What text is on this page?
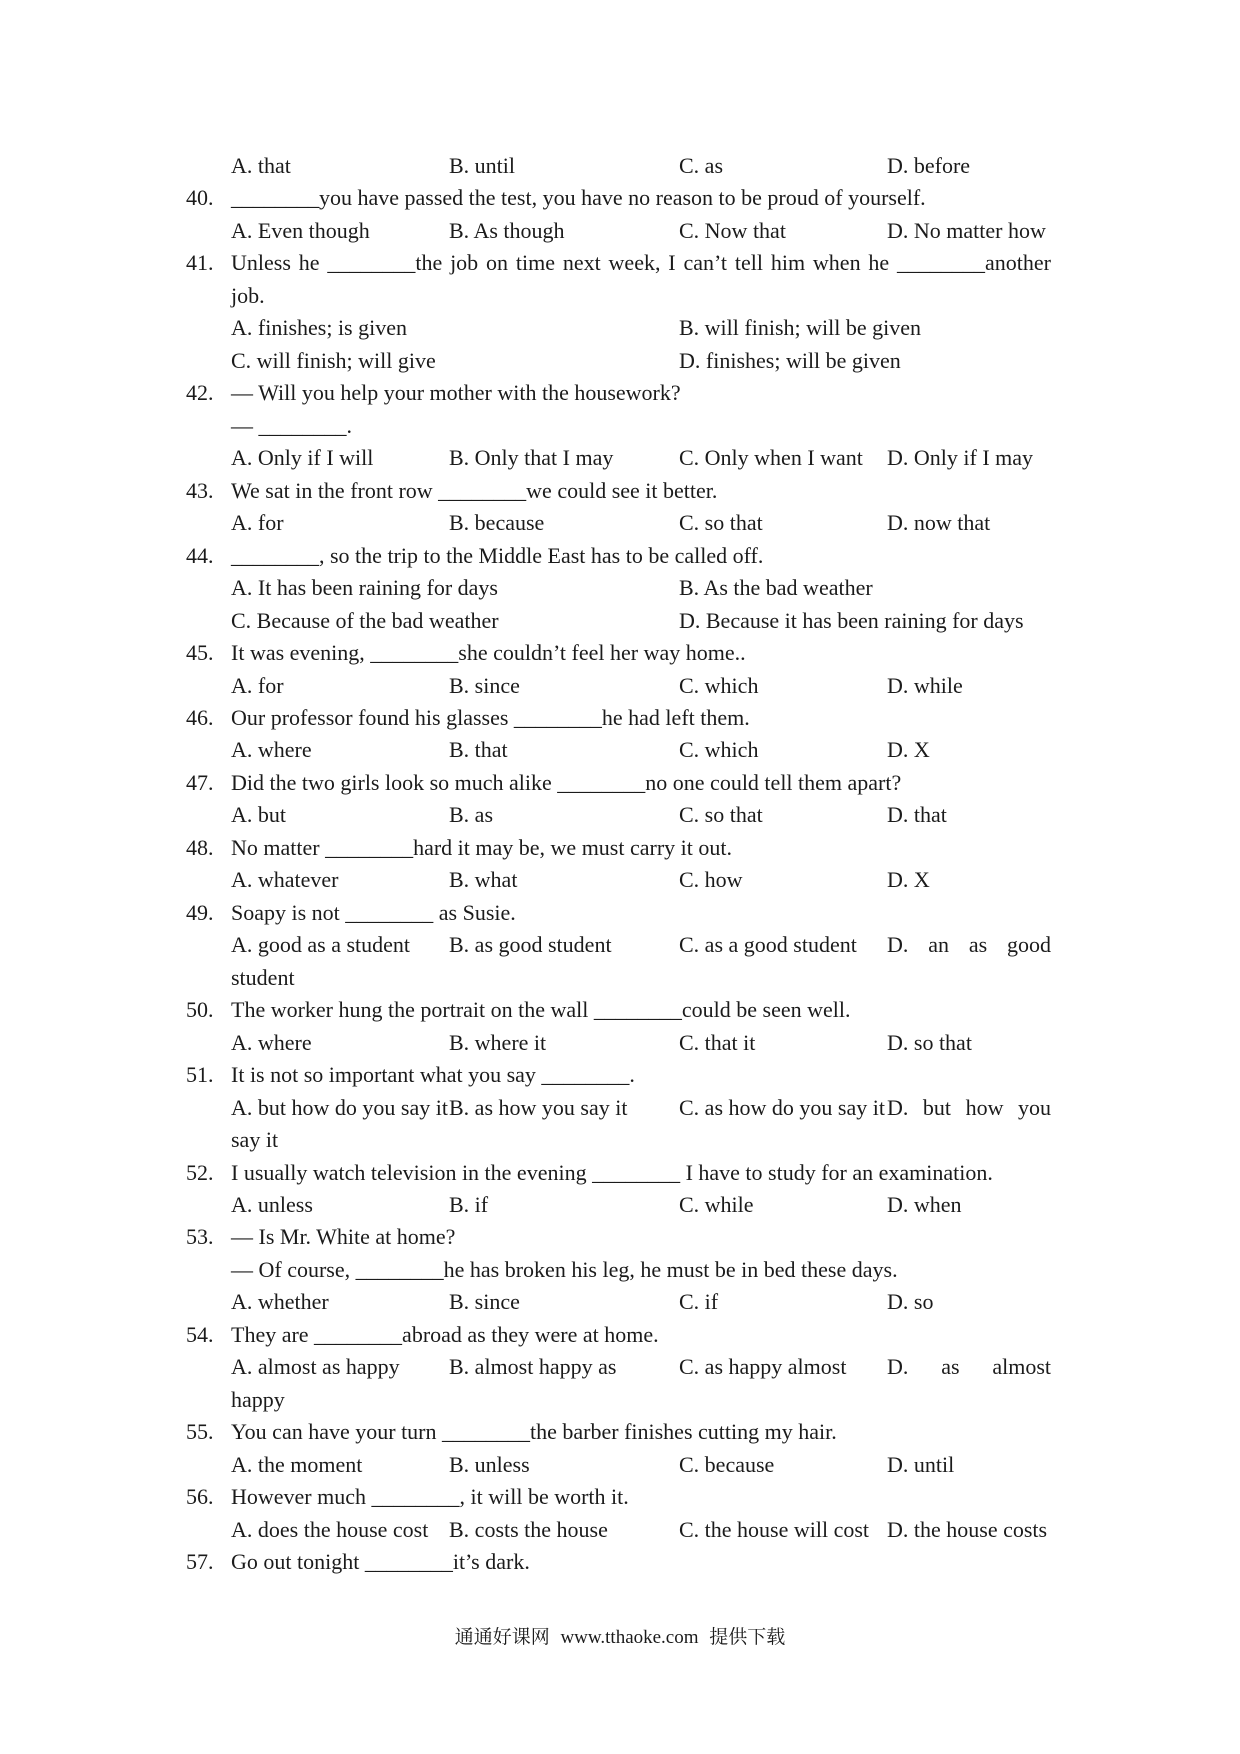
A. that	B. until	C. as	D. before
40. ________you have passed the test, you have no reason to be proud of yourself.
A. Even though	B. As though	C. Now that	D. No matter how
41. Unless he ________the job on time next week, I can’t tell him when he ________another
job.
A. finishes; is given	B. will finish; will be given
C. will finish; will give	D. finishes; will be given
42. — Will you help your mother with the housework?
— ________.
A. Only if I will	B. Only that I may	C. Only when I want	D. Only if I may
43. We sat in the front row ________we could see it better.
A. for	B. because	C. so that	D. now that
44. ________, so the trip to the Middle East has to be called off.
A. It has been raining for days	B. As the bad weather
C. Because of the bad weather	D. Because it has been raining for days
45. It was evening, ________she couldn’t feel her way home..
A. for	B. since	C. which	D. while
46. Our professor found his glasses ________he had left them.
A. where	B. that	C. which	D. X
47. Did the two girls look so much alike ________no one could tell them apart?
A. but	B. as	C. so that	D. that
48. No matter ________hard it may be, we must carry it out.
A. whatever	B. what	C. how	D. X
49. Soapy is not ________ as Susie.
A. good as a student	B. as good student	C. as a good student	D. an as good
student
50. The worker hung the portrait on the wall ________could be seen well.
A. where	B. where it	C. that it	D. so that
51. It is not so important what you say ________.
A. but how do you say it B. as how you say it	C. as how do you say it D. but how you
say it
52. I usually watch television in the evening ________ I have to study for an examination.
A. unless	B. if	C. while	D. when
53. — Is Mr. White at home?
— Of course, ________he has broken his leg, he must be in bed these days.
A. whether	B. since	C. if	D. so
54. They are ________abroad as they were at home.
A. almost as happy	B. almost happy as	C. as happy almost	D. as almost
happy
55. You can have your turn ________the barber finishes cutting my hair.
A. the moment	B. unless	C. because	D. until
56. However much ________, it will be worth it.
A. does the house cost B. costs the house	C. the house will cost D. the house costs
57. Go out tonight ________it’s dark.
通通好课网 www.tthaoke.com 提供下载
